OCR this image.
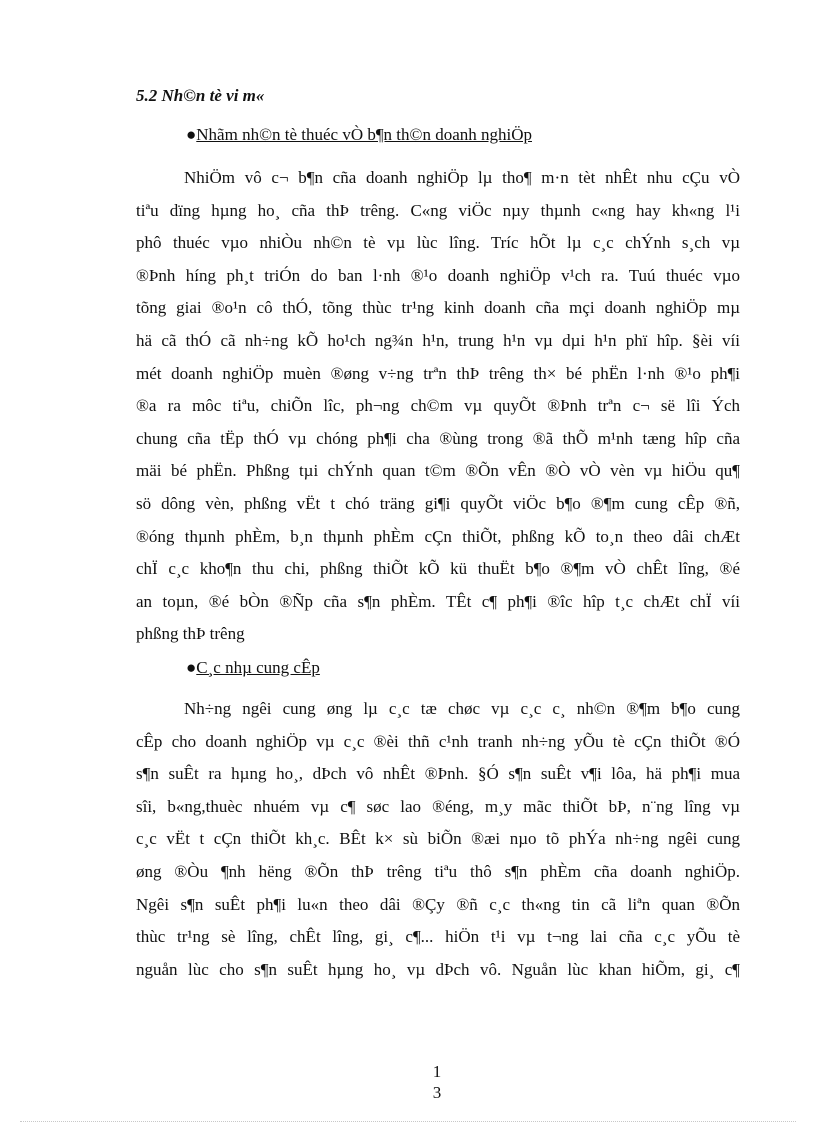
5.2 Nh©n tè vi m«

●Nhãm nh©n tè thuéc vÒ b¶n th©n doanh nghiÖp

NhiÖm vô c¬ b¶n cña doanh nghiÖp lµ tho¶ m·n tèt nhÊt nhu cÇu vÒ
tiªu dïng hµng ho¸ cña thÞ trêng. C«ng viÖc nµy thµnh c«ng hay kh«ng l¹i
phô thuéc vµo nhiÒu nh©n tè vµ lùc lîng. Tríc hÕt lµ c¸c chÝnh s¸ch vµ
®Þnh híng ph¸t triÓn do ban l·nh ®¹o doanh nghiÖp v¹ch ra. Tuú thuéc vµo
tõng giai ®o¹n cô thÓ, tõng thùc tr¹ng kinh doanh cña mçi doanh nghiÖp mµ
hä cã thÓ cã nh÷ng kÕ ho¹ch ng¾n h¹n, trung h¹n vµ dµi h¹n phï hîp. §èi víi
mét doanh nghiÖp muèn ®øng v÷ng trªn thÞ trêng th× bé phËn l·nh ®¹o ph¶i
®a ra môc tiªu, chiÕn lîc, ph¬ng ch©m vµ quyÕt ®Þnh trªn c¬ së lîi Ých
chung cña tËp thÓ vµ chóng ph¶i cha ®ùng trong ®ã thÕ m¹nh tæng hîp cña
mäi bé phËn. Phßng tµi chÝnh quan t©m ®Õn vÊn ®Ò vÒ vèn vµ hiÖu qu¶
sö dông vèn, phßng vËt t chó träng gi¶i quyÕt viÖc b¶o ®¶m cung cÊp ®ñ,
®óng thµnh phÈm, b¸n thµnh phÈm cÇn thiÕt, phßng kÕ to¸n theo dâi chÆt
chÏ c¸c kho¶n thu chi, phßng thiÕt kÕ kü thuËt b¶o ®¶m vÒ chÊt lîng, ®é
an toµn, ®é bÒn ®Ñp cña s¶n phÈm. TÊt c¶ ph¶i ®îc hîp t¸c chÆt chÏ víi
phßng thÞ trêng

●C¸c nhµ cung cÊp

Nh÷ng ngêi cung øng lµ c¸c tæ chøc vµ c¸c c¸ nh©n ®¶m b¶o cung
cÊp cho doanh nghiÖp vµ c¸c ®èi thñ c¹nh tranh nh÷ng yÕu tè cÇn thiÕt ®Ó
s¶n suÊt ra hµng ho¸, dÞch vô nhÊt ®Þnh. §Ó s¶n suÊt v¶i lôa, hä ph¶i mua
sîi, b«ng,thuèc nhuém vµ c¶ søc lao ®éng, m¸y mãc thiÕt bÞ, n¨ng lîng vµ
c¸c vËt t cÇn thiÕt kh¸c. BÊt k× sù biÕn ®æi nµo tõ phÝa nh÷ng ngêi cung
øng ®Òu ¶nh hëng ®Õn thÞ trêng tiªu thô s¶n phÈm cña doanh nghiÖp.
Ngêi s¶n suÊt ph¶i lu«n theo dâi ®Çy ®ñ c¸c th«ng tin cã liªn quan ®Õn
thùc tr¹ng sè lîng, chÊt lîng, gi¸ c¶... hiÖn t¹i vµ t¬ng lai cña c¸c yÕu tè
nguån lùc cho s¶n suÊt hµng ho¸ vµ dÞch vô. Nguån lùc khan hiÕm, gi¸ c¶

1

3
